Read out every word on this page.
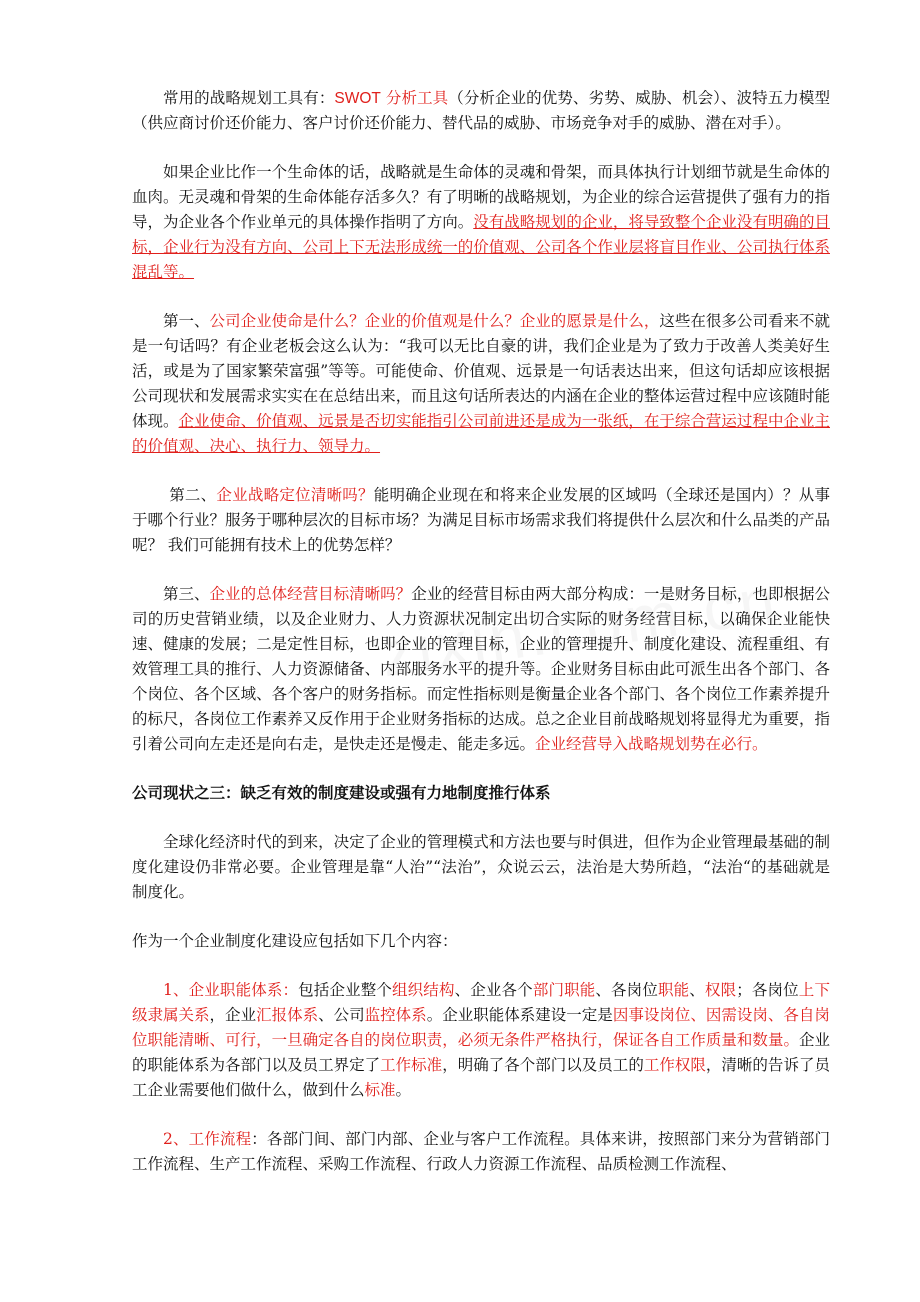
常用的战略规划工具有：SWOT 分析工具（分析企业的优势、劣势、威胁、机会）、波特五力模型（供应商讨价还价能力、客户讨价还价能力、替代品的威胁、市场竞争对手的威胁、潜在对手）。

如果企业比作一个生命体的话，战略就是生命体的灵魂和骨架，而具体执行计划细节就是生命体的血肉。无灵魂和骨架的生命体能存活多久？有了明晰的战略规划，为企业的综合运营提供了强有力的指导，为企业各个作业单元的具体操作指明了方向。没有战略规划的企业，将导致整个企业没有明确的目标，企业行为没有方向、公司上下无法形成统一的价值观、公司各个作业层将盲目作业、公司执行体系混乱等。

第一、公司企业使命是什么？企业的价值观是什么？企业的愿景是什么，这些在很多公司看来不就是一句话吗？有企业老板会这么认为：“我可以无比自豪的讲，我们企业是为了致力于改善人类美好生活，或是为了国家繁荣富强”等等。可能使命、价值观、远景是一句话表达出来，但这句话却应该根据公司现状和发展需求实实在在总结出来，而且这句话所表达的内涵在企业的整体运营过程中应该随时能体现。企业使命、价值观、远景是否切实能指引公司前进还是成为一张纸，在于综合营运过程中企业主的价值观、决心、执行力、领导力。

第二、企业战略定位清晰吗？能明确企业现在和将来企业发展的区域吗（全球还是国内）？从事于哪个行业？服务于哪种层次的目标市场？为满足目标市场需求我们将提供什么层次和什么品类的产品呢？ 我们可能拥有技术上的优势怎样？

第三、企业的总体经营目标清晰吗？企业的经营目标由两大部分构成：一是财务目标，也即根据公司的历史营销业绩，以及企业财力、人力资源状况制定出切合实际的财务经营目标，以确保企业能快速、健康的发展；二是定性目标，也即企业的管理目标，企业的管理提升、制度化建设、流程重组、有效管理工具的推行、人力资源储备、内部服务水平的提升等。企业财务目标由此可派生出各个部门、各个岗位、各个区域、各个客户的财务指标。而定性指标则是衡量企业各个部门、各个岗位工作素养提升的标尺，各岗位工作素养又反作用于企业财务指标的达成。总之企业目前战略规划将显得尤为重要，指引着公司向左走还是向右走，是快走还是慢走、能走多远。企业经营导入战略规划势在必行。

公司现状之三：缺乏有效的制度建设或强有力地制度推行体系

全球化经济时代的到来，决定了企业的管理模式和方法也要与时俱进，但作为企业管理最基础的制度化建设仍非常必要。企业管理是靠“人治”“法治”，众说云云，法治是大势所趋，“法治“的基础就是制度化。

作为一个企业制度化建设应包括如下几个内容：

1、企业职能体系：包括企业整个组织结构、企业各个部门职能、各岗位职能、权限；各岗位上下级隶属关系，企业汇报体系、公司监控体系。企业职能体系建设一定是因事设岗位、因需设岗、各自岗位职能清晰、可行，一旦确定各自的岗位职责，必须无条件严格执行，保证各自工作质量和数量。企业的职能体系为各部门以及员工界定了工作标准，明确了各个部门以及员工的工作权限，清晰的告诉了员工企业需要他们做什么，做到什么标准。

2、工作流程：各部门间、部门内部、企业与客户工作流程。具体来讲，按照部门来分为营销部门工作流程、生产工作流程、采购工作流程、行政人力资源工作流程、品质检测工作流程、
